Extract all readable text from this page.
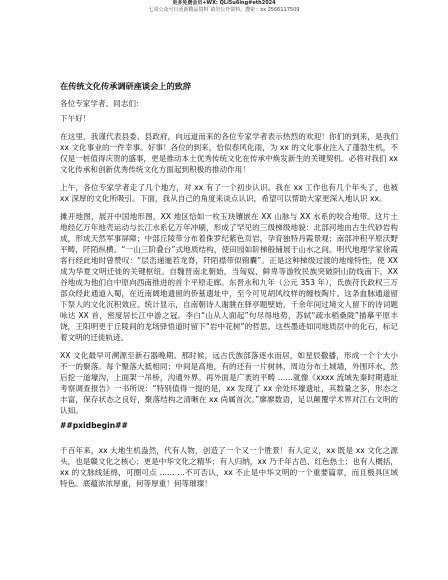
更多免费会员+WX: QLi5u6ing#eth2024
七哥公众号日更新精品资料 请勿公开资料。搜索：xx 2566117509
在传统文化传承调研座谈会上的致辞
各位专家学者、同志们：
下午好！
在这里，我谨代表县委、县政府，向远道而来的各位专家学者表示热烈的欢迎！你们的到来，是我们 xx 文化事业的一件幸事。好事！各位的到来，恰似春风化雨，为 xx 的文化事业注入了蓬勃生机，不仅是一桩值得庆贺的盛事，更是推动本土优秀传统文化在传承中焕发新生的关键契机。必将对我们 xx 文化传承和创新优秀传统文化方面起到积极的推动作用！
上午，各位专家学者走了几个地方，对 xx 有了一个初步认识。我在 xx 工作也有几个年头了，也被 xx 深厚的文化所吸引。下面，我从自己的角度来谈点认识，希望可以帮助大家更深入地认识 xx。
摊开地图，展开中国地形图，XX 地区恰如一枚玉玦镶嵌在 XX 山脉与 XX 水系的咬合地带。这片土地经亿万年地壳运动与长江水系亿万年冲刷，形成了罕见的三级梯级地貌：北部河地由古生代砂岩构成，形成天然军事屏障；中部丘陵带分布着侏罗纪紫色页岩，孕育独特丹霞景观；南部冲积平原沃野平畴，阡陌纵横。“一山三阶叠台”式地质结构，使田园如阶梯般铺展于山水之间。明代地理学家徐霞客行经此地时曾赞叹：“层峦递逦若龙脊，阡陌襟带似锦囊”。正是这种梯级过渡的地缘特性，使 XX 成为华夏文明迁徙的关键枢纽。自魏晋南北朝始，当匈奴、鲜卑等游牧民族突破阴山防线南下，XX 谷地成为他们自中原向西南推进的首个平原走廊。东晋永和九年（公元 353 年），氐族苻氏政权三万部众经此通道入蜀，在近南阔地遗留的侨墓遗址中，至今可见胡风纹样的缠枝陶片。这条血脉通道留下祭人的文化沉积效应。统计显示，自南朝诗人谢朓在驿亭题壁始，千余年间过境文人留下的诗词题咏达 XX 首，密度居长江中游之冠。李白“山从人面起”句尽得地势，苏轼“疏水稻桑陇”描摹平原丰饶，王阳明更于丘陵间的龙场驿悟道时留下“岩中花树”的哲思。这些墨迹如同地质层中的化石，标记着文明的迁徙轨迹。
XX 文化最早可溯源至新石器晚期。那时候，远古氏族部落逐水而居，如星辰撒播，形成一个个大小不一的聚落。每个聚落大抵相同；中间是高地，有的还有一片树林，周边分布土城墙，外围环水，然后挖一道壕沟，上面架一吊桥，沟通外界。再外面是广袤的平畴 ……就像《xxxx 流域先秦时期遗址考察调查报告》一书所说：“特别值得一提的是，xx 发现了 xx 余处环壕遗址，其数量之多，形态之丰富，保存状态之良好，聚落结构之清晰在 xx 尚属首次。”廖廖数语，足以颠覆学术界对江右文明的认知。
##pxidbegin##
千百年来，xx 大地生机盎然，代有人物，创造了一个又一个胜景！有人定义，xx 既是 xx 文化之源头，也是赣文化之核心；更是中华文化之精华；有人归纳，xx 乃千年古邑、红色热土；也有人概括，xx 的文脉线延绵，可圈可点 …… …不可否认，xx 不止是中华文明的一个重要篇章，而且极具区域特色。底蕴浓浓厚重，何等厚重！何等璀璨！
